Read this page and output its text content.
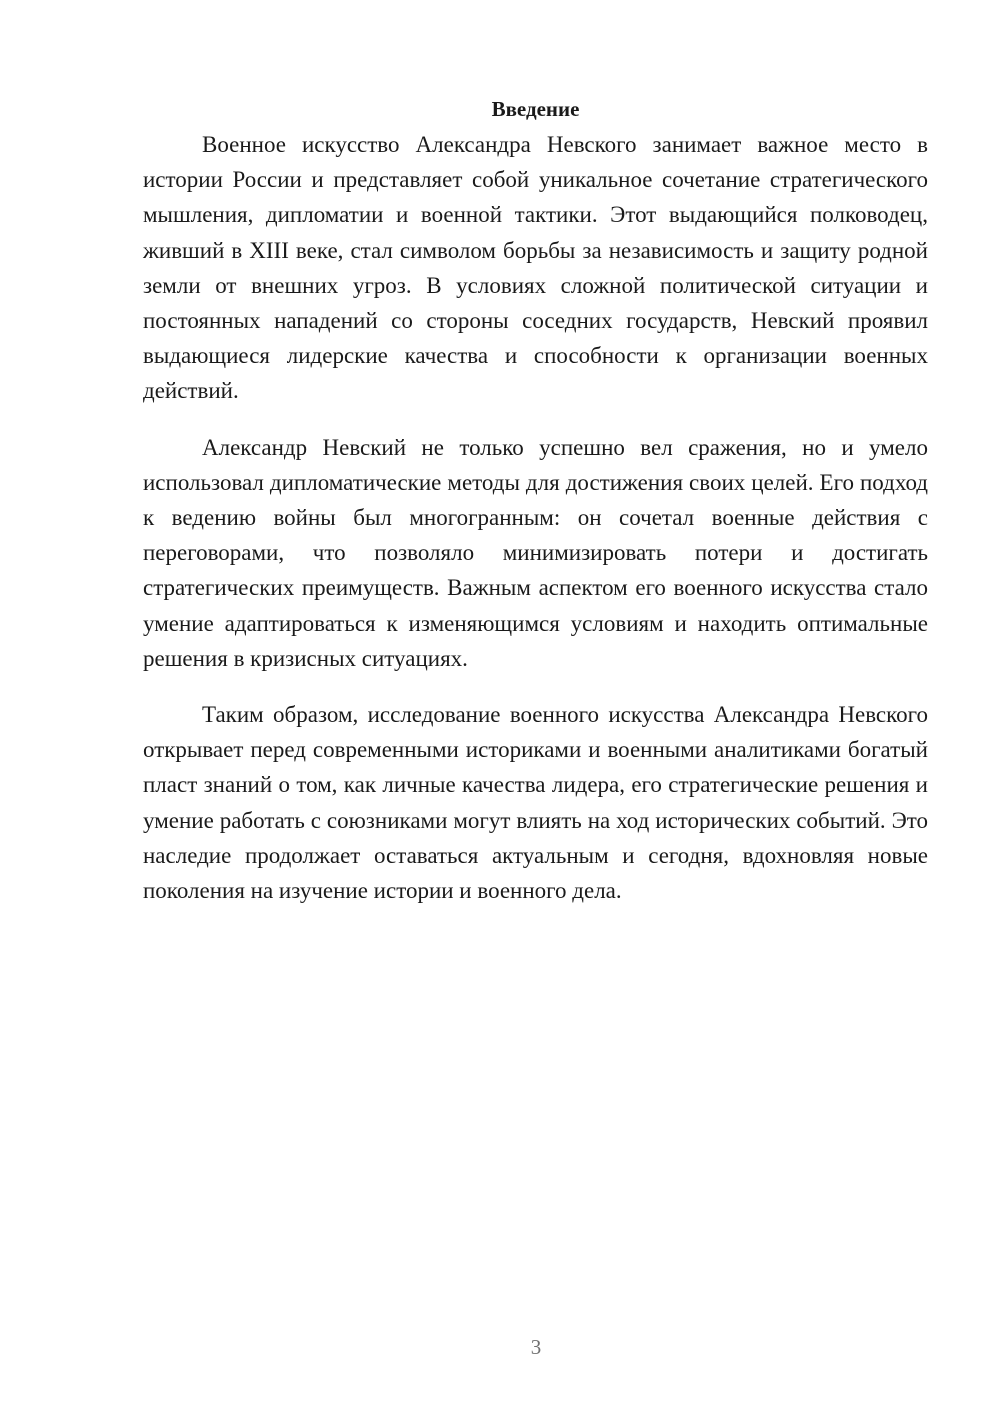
Введение

Военное искусство Александра Невского занимает важное место в истории России и представляет собой уникальное сочетание стратегического мышления, дипломатии и военной тактики. Этот выдающийся полководец, живший в XIII веке, стал символом борьбы за независимость и защиту родной земли от внешних угроз. В условиях сложной политической ситуации и постоянных нападений со стороны соседних государств, Невский проявил выдающиеся лидерские качества и способности к организации военных действий.

Александр Невский не только успешно вел сражения, но и умело использовал дипломатические методы для достижения своих целей. Его подход к ведению войны был многогранным: он сочетал военные действия с переговорами, что позволяло минимизировать потери и достигать стратегических преимуществ. Важным аспектом его военного искусства стало умение адаптироваться к изменяющимся условиям и находить оптимальные решения в кризисных ситуациях.

Таким образом, исследование военного искусства Александра Невского открывает перед современными историками и военными аналитиками богатый пласт знаний о том, как личные качества лидера, его стратегические решения и умение работать с союзниками могут влиять на ход исторических событий. Это наследие продолжает оставаться актуальным и сегодня, вдохновляя новые поколения на изучение истории и военного дела.

3
